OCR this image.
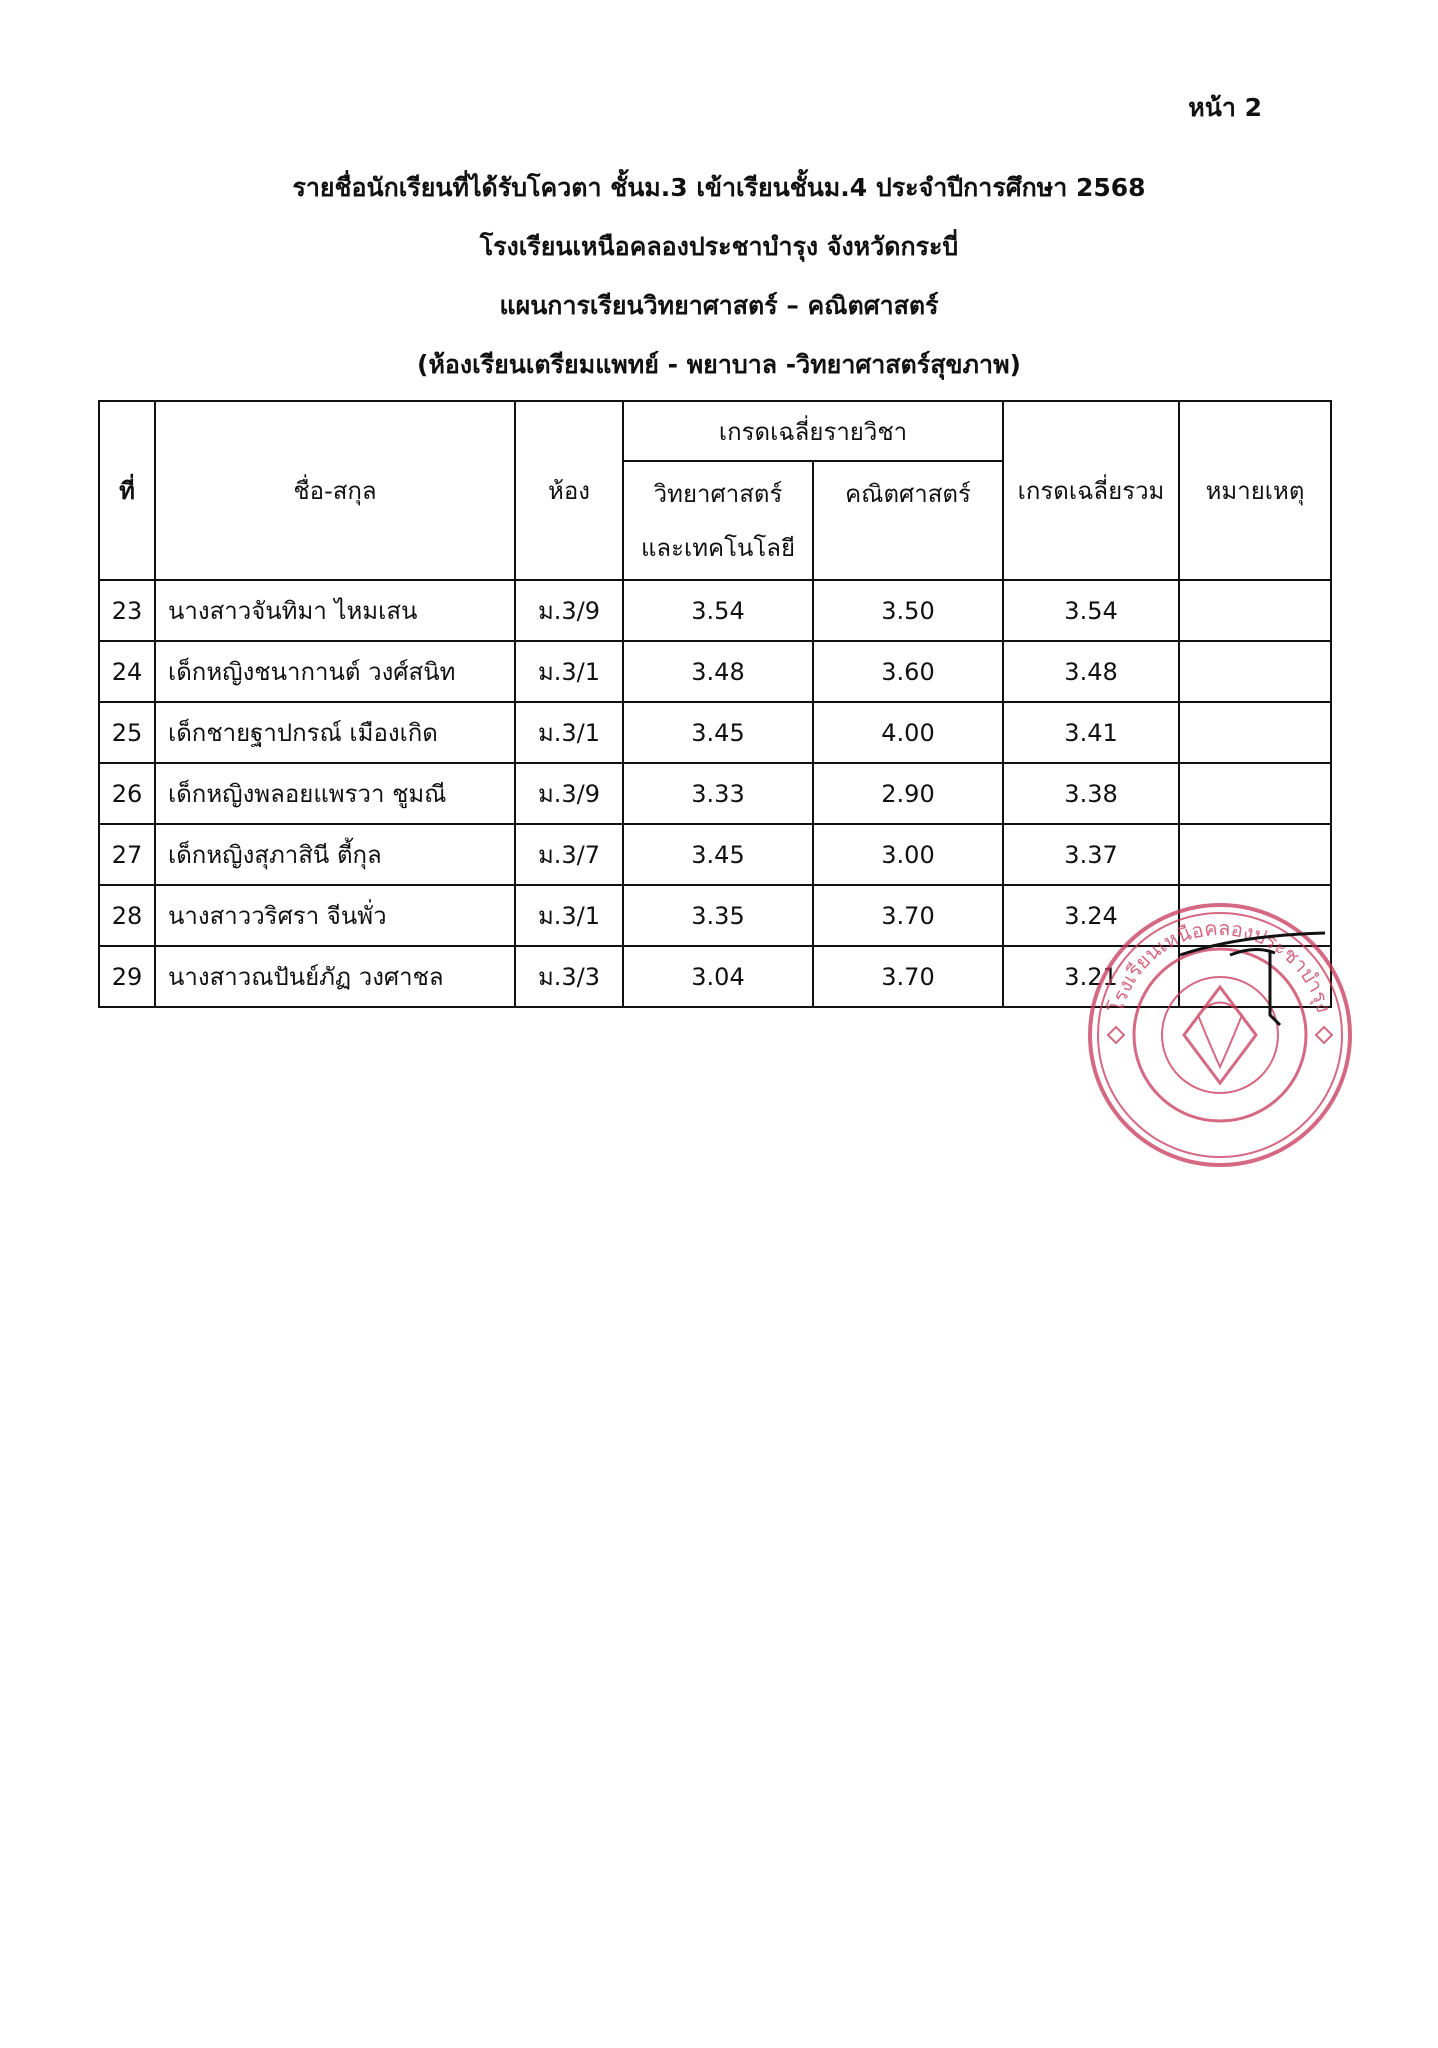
หน้า 2
รายชื่อนักเรียนที่ได้รับโควตา ชั้นม.3 เข้าเรียนชั้นม.4 ประจำปีการศึกษา 2568
โรงเรียนเหนือคลองประชาบำรุง จังหวัดกระบี่
แผนการเรียนวิทยาศาสตร์ – คณิตศาสตร์
(ห้องเรียนเตรียมแพทย์ - พยาบาล -วิทยาศาสตร์สุขภาพ)
ที่	ชื่อ-สกุล	ห้อง	เกรดเฉลี่ยรายวิชา		เกรดเฉลี่ยรวม	หมายเหตุ

			วิทยาศาสตร์
และเทคโนโลยี	คณิตศาสตร์		
23	นางสาวจันทิมา ไหมเสน	ม.3/9	3.54	3.50	3.54	
24	เด็กหญิงชนากานต์ วงศ์สนิท	ม.3/1	3.48	3.60	3.48	
25	เด็กชายฐาปกรณ์ เมืองเกิด	ม.3/1	3.45	4.00	3.41	
26	เด็กหญิงพลอยแพรวา ชูมณี	ม.3/9	3.33	2.90	3.38	
27	เด็กหญิงสุภาสินี ตี้กุล	ม.3/7	3.45	3.00	3.37	
28	นางสาววริศรา จีนพั่ว	ม.3/1	3.35	3.70	3.24	
29	นางสาวณปันย์ภัฏ วงศาชล	ม.3/3	3.04	3.70	3.21	
โรงเรียนเหนือคลองประชาบำรุง
